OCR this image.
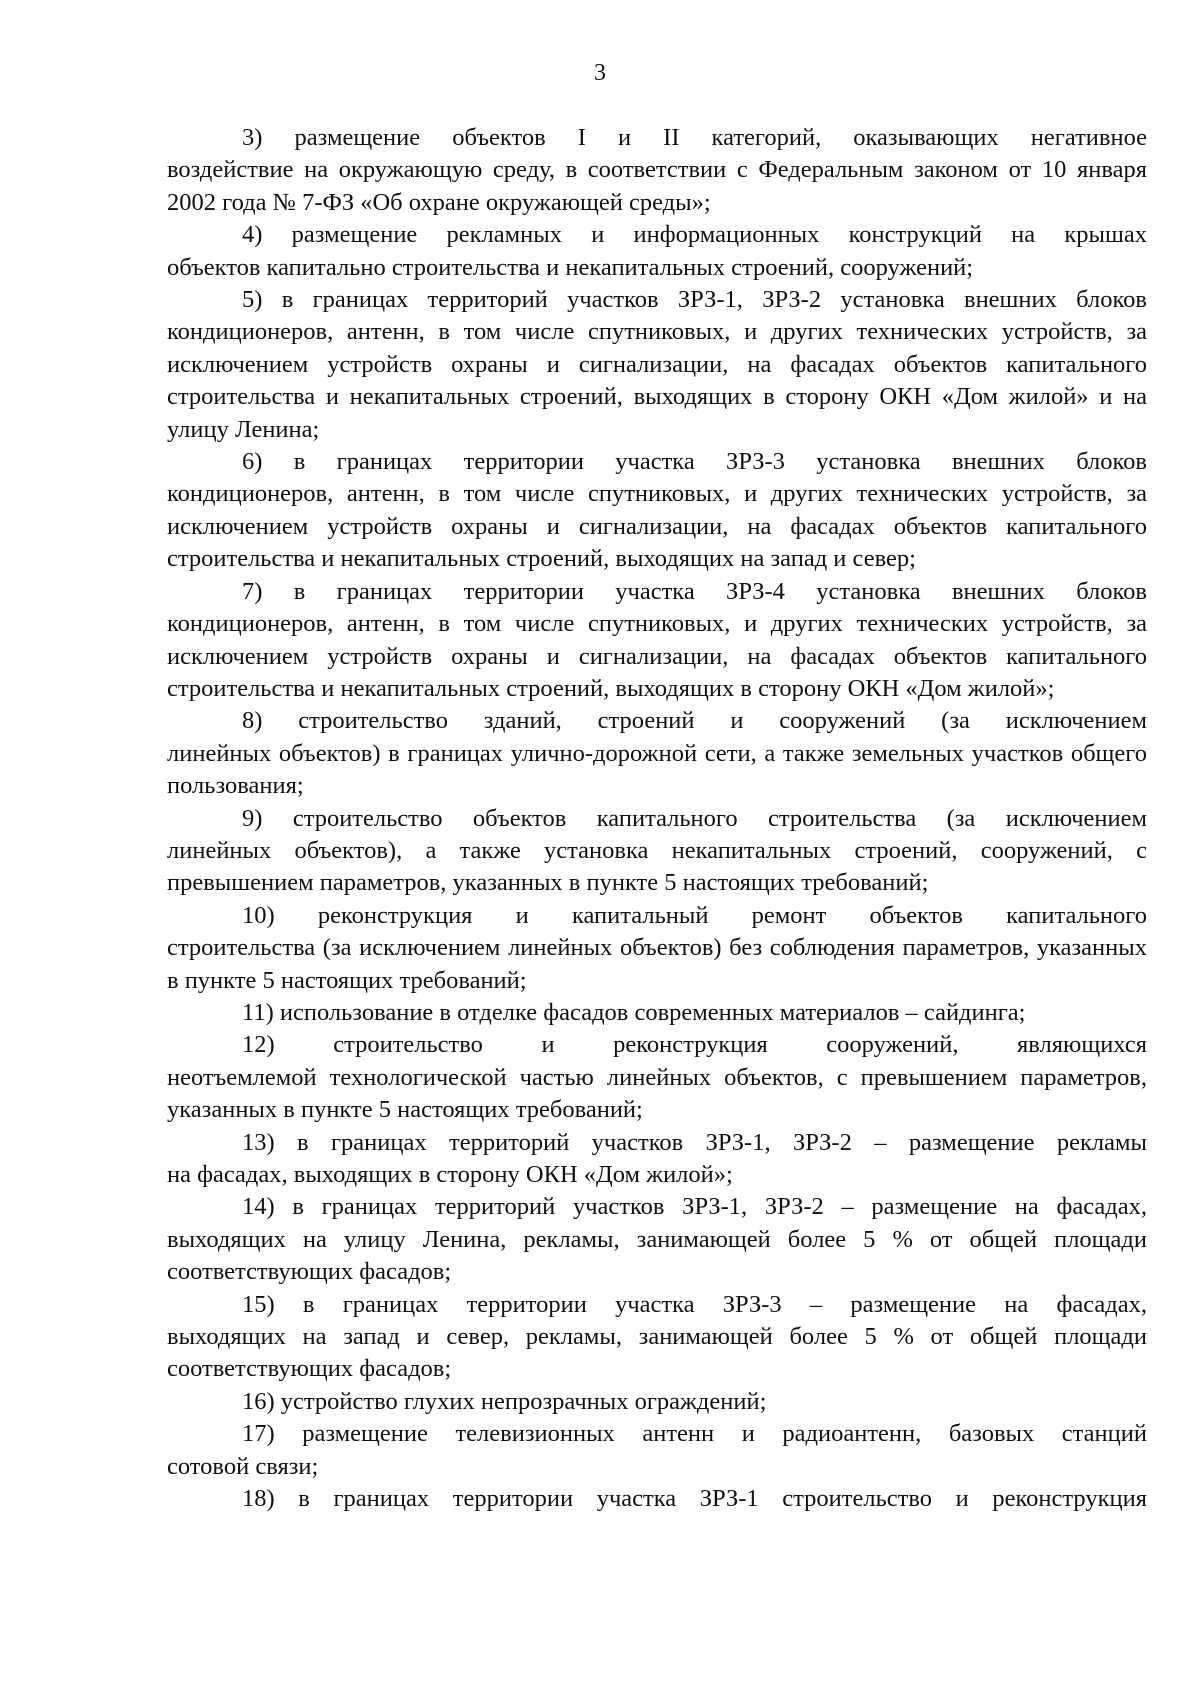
3

3) размещение объектов I и II категорий, оказывающих негативное
воздействие на окружающую среду, в соответствии с Федеральным законом от 10 января 2002 года № 7-ФЗ «Об охране окружающей среды»;

4) размещение рекламных и информационных конструкций на крышах
объектов капитально строительства и некапитальных строений, сооружений;

5) в границах территорий участков ЗРЗ-1, ЗРЗ-2 установка внешних блоков
кондиционеров, антенн, в том числе спутниковых, и других технических устройств, за исключением устройств охраны и сигнализации, на фасадах объектов капитального строительства и некапитальных строений, выходящих в сторону ОКН «Дом жилой» и на улицу Ленина;

6) в границах территории участка ЗРЗ-3 установка внешних блоков
кондиционеров, антенн, в том числе спутниковых, и других технических устройств, за исключением устройств охраны и сигнализации, на фасадах объектов капитального строительства и некапитальных строений, выходящих на запад и север;

7) в границах территории участка ЗРЗ-4 установка внешних блоков
кондиционеров, антенн, в том числе спутниковых, и других технических устройств, за исключением устройств охраны и сигнализации, на фасадах объектов капитального строительства и некапитальных строений, выходящих в сторону ОКН «Дом жилой»;

8) строительство зданий, строений и сооружений (за исключением
линейных объектов) в границах улично-дорожной сети, а также земельных участков общего пользования;

9) строительство объектов капитального строительства (за исключением
линейных объектов), а также установка некапитальных строений, сооружений, с превышением параметров, указанных в пункте 5 настоящих требований;

10) реконструкция и капитальный ремонт объектов капитального
строительства (за исключением линейных объектов) без соблюдения параметров, указанных в пункте 5 настоящих требований;

11) использование в отделке фасадов современных материалов – сайдинга;

12) строительство и реконструкция сооружений, являющихся
неотъемлемой технологической частью линейных объектов, с превышением параметров, указанных в пункте 5 настоящих требований;

13) в границах территорий участков ЗРЗ-1, ЗРЗ-2 – размещение рекламы
на фасадах, выходящих в сторону ОКН «Дом жилой»;

14) в границах территорий участков ЗРЗ-1, ЗРЗ-2 – размещение на фасадах,
выходящих на улицу Ленина, рекламы, занимающей более 5 % от общей площади соответствующих фасадов;

15) в границах территории участка ЗРЗ-3 – размещение на фасадах,
выходящих на запад и север, рекламы, занимающей более 5 % от общей площади соответствующих фасадов;

16) устройство глухих непрозрачных ограждений;

17) размещение телевизионных антенн и радиоантенн, базовых станций
сотовой связи;

18) в границах территории участка ЗРЗ-1 строительство и реконструкция
